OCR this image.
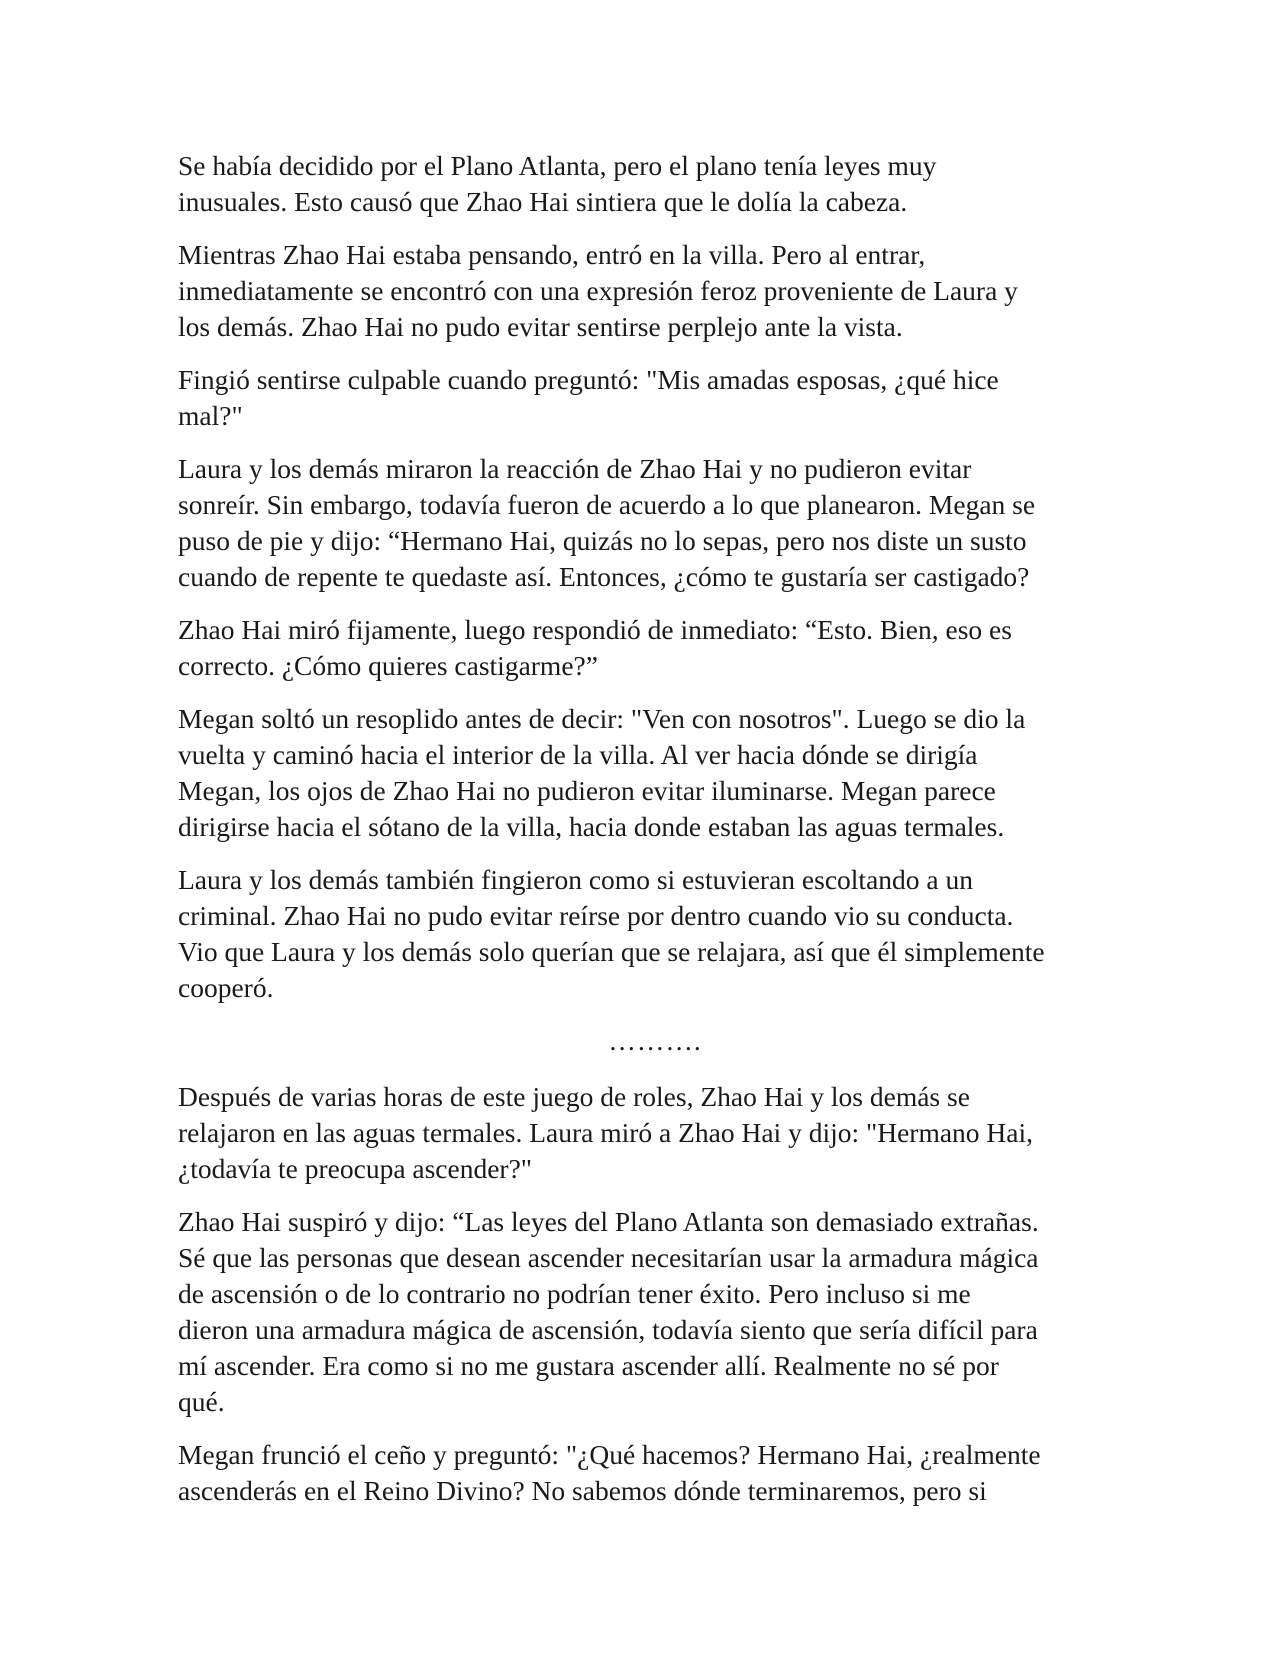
Se había decidido por el Plano Atlanta, pero el plano tenía leyes muy
inusuales. Esto causó que Zhao Hai sintiera que le dolía la cabeza.

Mientras Zhao Hai estaba pensando, entró en la villa. Pero al entrar,
inmediatamente se encontró con una expresión feroz proveniente de Laura y
los demás. Zhao Hai no pudo evitar sentirse perplejo ante la vista.

Fingió sentirse culpable cuando preguntó: "Mis amadas esposas, ¿qué hice
mal?"

Laura y los demás miraron la reacción de Zhao Hai y no pudieron evitar
sonreír. Sin embargo, todavía fueron de acuerdo a lo que planearon. Megan se
puso de pie y dijo: “Hermano Hai, quizás no lo sepas, pero nos diste un susto
cuando de repente te quedaste así. Entonces, ¿cómo te gustaría ser castigado?

Zhao Hai miró fijamente, luego respondió de inmediato: “Esto. Bien, eso es
correcto. ¿Cómo quieres castigarme?”

Megan soltó un resoplido antes de decir: "Ven con nosotros". Luego se dio la
vuelta y caminó hacia el interior de la villa. Al ver hacia dónde se dirigía
Megan, los ojos de Zhao Hai no pudieron evitar iluminarse. Megan parece
dirigirse hacia el sótano de la villa, hacia donde estaban las aguas termales.

Laura y los demás también fingieron como si estuvieran escoltando a un
criminal. Zhao Hai no pudo evitar reírse por dentro cuando vio su conducta.
Vio que Laura y los demás solo querían que se relajara, así que él simplemente
cooperó.

……….

Después de varias horas de este juego de roles, Zhao Hai y los demás se
relajaron en las aguas termales. Laura miró a Zhao Hai y dijo: "Hermano Hai,
¿todavía te preocupa ascender?"

Zhao Hai suspiró y dijo: “Las leyes del Plano Atlanta son demasiado extrañas.
Sé que las personas que desean ascender necesitarían usar la armadura mágica
de ascensión o de lo contrario no podrían tener éxito. Pero incluso si me
dieron una armadura mágica de ascensión, todavía siento que sería difícil para
mí ascender. Era como si no me gustara ascender allí. Realmente no sé por
qué.

Megan frunció el ceño y preguntó: "¿Qué hacemos? Hermano Hai, ¿realmente
ascenderás en el Reino Divino? No sabemos dónde terminaremos, pero si
